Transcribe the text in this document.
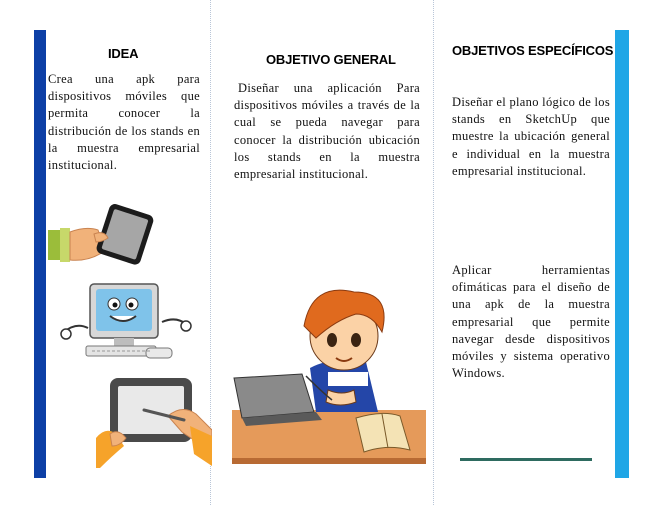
IDEA
Crea una apk para dispositivos móviles que permita conocer la distribución de los stands en la muestra empresarial institucional.
OBJETIVO GENERAL
Diseñar una aplicación Para dispositivos móviles a través de la cual se pueda navegar para conocer la distribución ubicación los stands en la muestra empresarial institucional.
OBJETIVOS ESPECÍFICOS
Diseñar el plano lógico de los stands en SketchUp que muestre la ubicación general e individual en la muestra empresarial institucional.
Aplicar herramientas ofimáticas para el diseño de una apk de la muestra empresarial que permite navegar desde dispositivos móviles y sistema operativo Windows.
